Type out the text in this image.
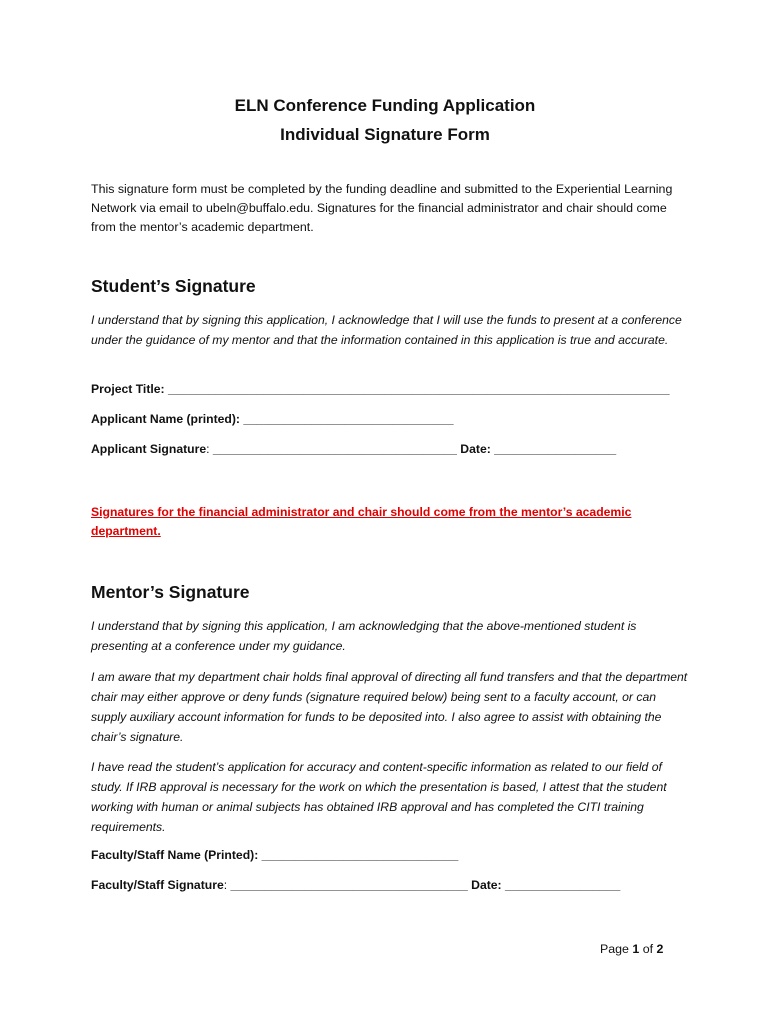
ELN Conference Funding Application
Individual Signature Form
This signature form must be completed by the funding deadline and submitted to the Experiential Learning Network via email to ubeln@buffalo.edu. Signatures for the financial administrator and chair should come from the mentor’s academic department.
Student’s Signature
I understand that by signing this application, I acknowledge that I will use the funds to present at a conference under the guidance of my mentor and that the information contained in this application is true and accurate.
Project Title: __________________________________________________________________________
Applicant Name (printed): _______________________________
Applicant Signature: ____________________________________ Date: __________________
Signatures for the financial administrator and chair should come from the mentor’s academic department.
Mentor’s Signature
I understand that by signing this application, I am acknowledging that the above-mentioned student is presenting at a conference under my guidance.
I am aware that my department chair holds final approval of directing all fund transfers and that the department chair may either approve or deny funds (signature required below) being sent to a faculty account, or can supply auxiliary account information for funds to be deposited into. I also agree to assist with obtaining the chair’s signature.
I have read the student’s application for accuracy and content-specific information as related to our field of study. If IRB approval is necessary for the work on which the presentation is based, I attest that the student working with human or animal subjects has obtained IRB approval and has completed the CITI training requirements.
Faculty/Staff Name (Printed): _____________________________
Faculty/Staff Signature: ___________________________________ Date: _________________
Page 1 of 2
